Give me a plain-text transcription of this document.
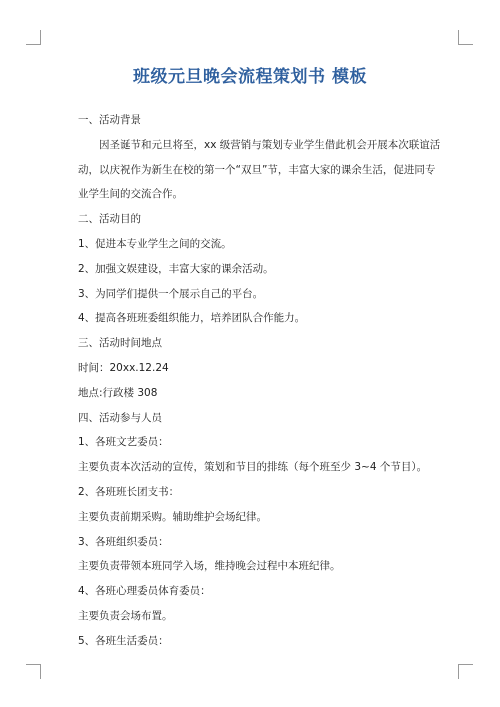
班级元旦晚会流程策划书 模板

一、活动背景

因圣诞节和元旦将至，xx 级营销与策划专业学生借此机会开展本次联谊活动，以庆祝作为新生在校的第一个“双旦”节，丰富大家的课余生活，促进同专业学生间的交流合作。

二、活动目的

1、促进本专业学生之间的交流。

2、加强文娱建设，丰富大家的课余活动。

3、为同学们提供一个展示自己的平台。

4、提高各班班委组织能力，培养团队合作能力。

三、活动时间地点

时间：20xx.12.24

地点:行政楼 308

四、活动参与人员

1、各班文艺委员：

主要负责本次活动的宣传，策划和节目的排练（每个班至少 3~4 个节目）。

2、各班班长团支书：

主要负责前期采购。辅助维护会场纪律。

3、各班组织委员：

主要负责带领本班同学入场，维持晚会过程中本班纪律。

4、各班心理委员体育委员：

主要负责会场布置。

5、各班生活委员：
